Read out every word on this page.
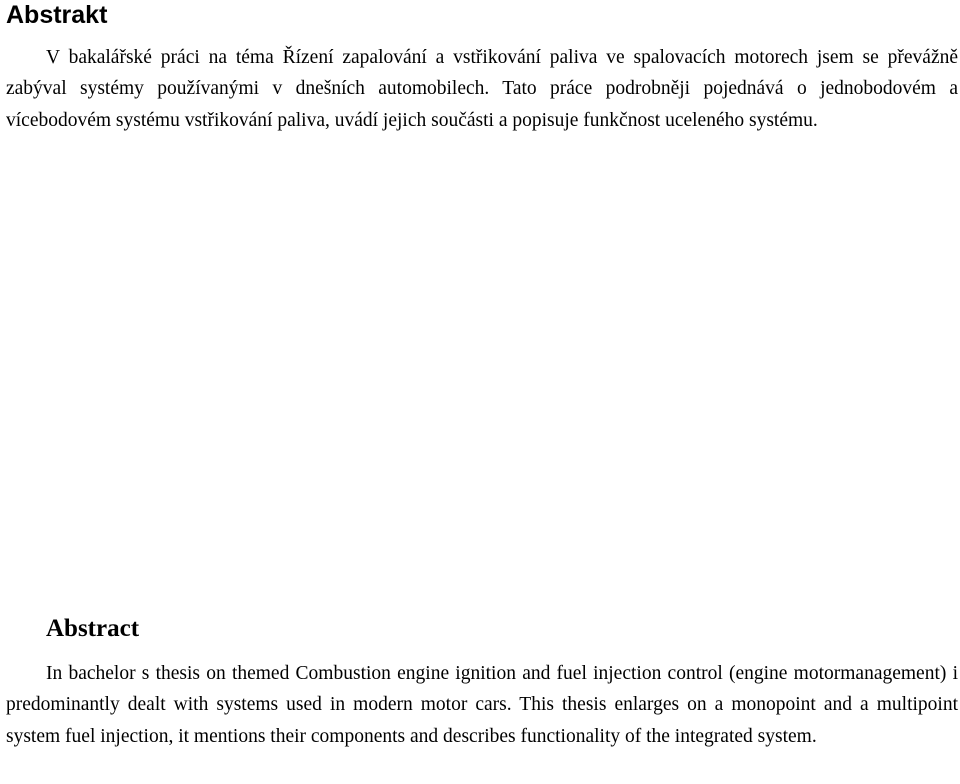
Abstrakt

V bakalářské práci na téma Řízení zapalování a vstřikování paliva ve spalovacích motorech jsem se převážně zabýval systémy používanými v dnešních automobilech. Tato práce podrobněji pojednává o jednobodovém a vícebodovém systému vstřikování paliva, uvádí jejich součásti a popisuje funkčnost uceleného systému.

Abstract

In bachelor s thesis on themed Combustion engine ignition and fuel injection control (engine motormanagement) i predominantly dealt with systems used in modern motor cars. This thesis enlarges on a monopoint and a multipoint system fuel injection, it mentions their components and describes functionality of the integrated system.
